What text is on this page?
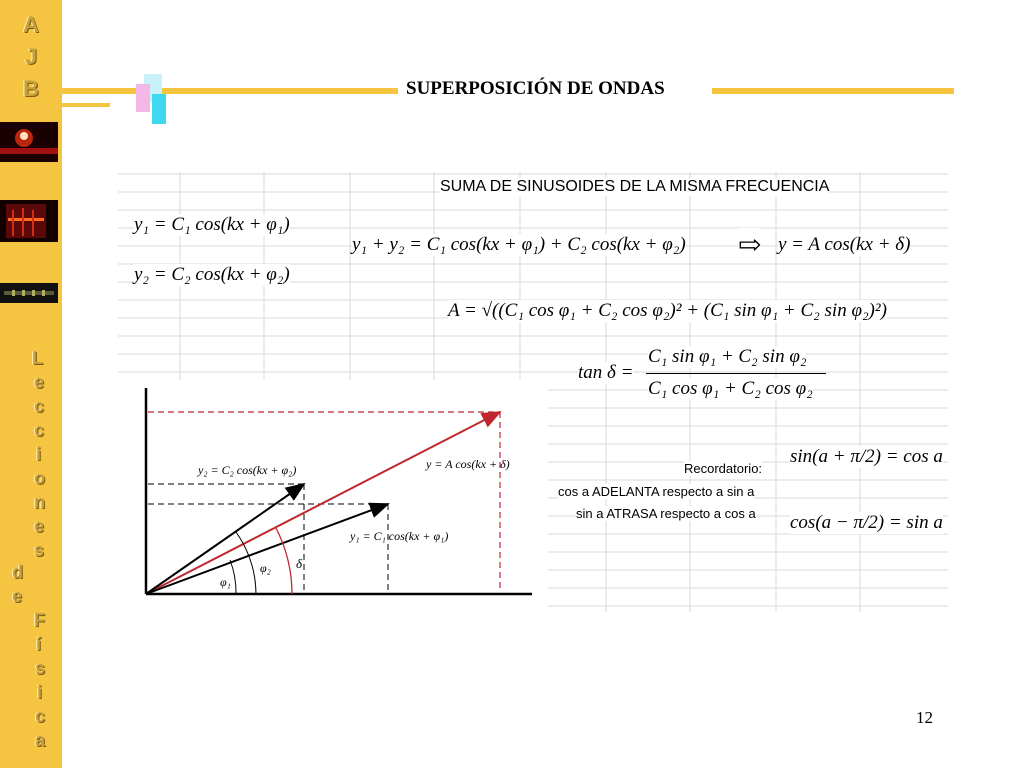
A
J
B
L
e
c
c
i
o
n
e
s
d
e
F
í
s
i
c
a
SUPERPOSICIÓN DE ONDAS
SUMA DE SINUSOIDES DE LA MISMA FRECUENCIA
y₁ = C₁ cos(kx + φ₁)
y₂ = C₂ cos(kx + φ₂)
y₁ + y₂ = C₁ cos(kx + φ₁) + C₂ cos(kx + φ₂) ⇨ y = A cos(kx + δ)
A = √((C₁ cos φ₁ + C₂ cos φ₂)² + (C₁ sin φ₁ + C₂ sin φ₂)²)
tan δ =
C₁ sin φ₁ + C₂ sin φ₂
C₁ cos φ₁ + C₂ cos φ₂
Recordatorio:
cos a ADELANTA respecto a sin a
sin a ATRASA respecto a cos a
sin(a + π/2) = cos a
cos(a − π/2) = sin a
y₂ = C₂ cos(kx + φ₂)	y = A cos(kx + δ)
y₁ = C₁ cos(kx + φ₁)
φ₁
φ₂ δ
12
